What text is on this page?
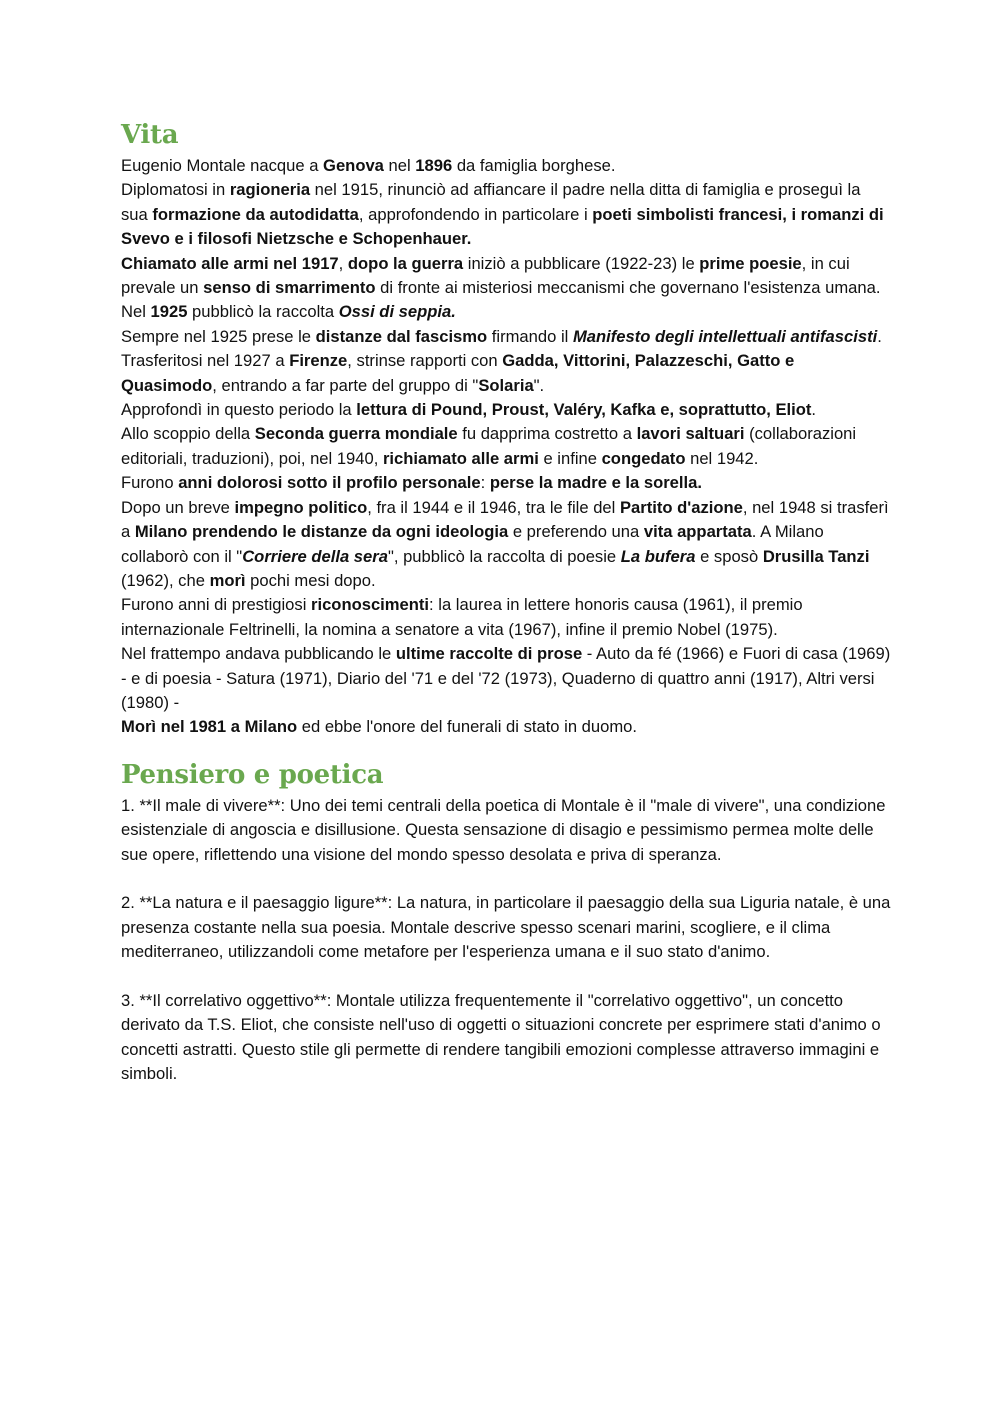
Vita

Eugenio Montale nacque a Genova nel 1896 da famiglia borghese.

Diplomatosi in ragioneria nel 1915, rinunciò ad affiancare il padre nella ditta di famiglia e proseguì la sua formazione da autodidatta, approfondendo in particolare i poeti simbolisti francesi, i romanzi di Svevo e i filosofi Nietzsche e Schopenhauer.

Chiamato alle armi nel 1917, dopo la guerra iniziò a pubblicare (1922-23) le prime poesie, in cui prevale un senso di smarrimento di fronte ai misteriosi meccanismi che governano l'esistenza umana. Nel 1925 pubblicò la raccolta Ossi di seppia.

Sempre nel 1925 prese le distanze dal fascismo firmando il Manifesto degli intellettuali antifascisti. Trasferitosi nel 1927 a Firenze, strinse rapporti con Gadda, Vittorini, Palazzeschi, Gatto e Quasimodo, entrando a far parte del gruppo di "Solaria".

Approfondì in questo periodo la lettura di Pound, Proust, Valéry, Kafka e, soprattutto, Eliot.

Allo scoppio della Seconda guerra mondiale fu dapprima costretto a lavori saltuari (collaborazioni editoriali, traduzioni), poi, nel 1940, richiamato alle armi e infine congedato nel 1942.

Furono anni dolorosi sotto il profilo personale: perse la madre e la sorella.

Dopo un breve impegno politico, fra il 1944 e il 1946, tra le file del Partito d'azione, nel 1948 si trasferì a Milano prendendo le distanze da ogni ideologia e preferendo una vita appartata. A Milano collaborò con il "Corriere della sera", pubblicò la raccolta di poesie La bufera e sposò Drusilla Tanzi (1962), che morì pochi mesi dopo.

Furono anni di prestigiosi riconoscimenti: la laurea in lettere honoris causa (1961), il premio internazionale Feltrinelli, la nomina a senatore a vita (1967), infine il premio Nobel (1975).

Nel frattempo andava pubblicando le ultime raccolte di prose - Auto da fé (1966) e Fuori di casa (1969) - e di poesia - Satura (1971), Diario del '71 e del '72 (1973), Quaderno di quattro anni (1917), Altri versi (1980) -

Morì nel 1981 a Milano ed ebbe l'onore del funerali di stato in duomo.

Pensiero e poetica

1. **Il male di vivere**: Uno dei temi centrali della poetica di Montale è il "male di vivere", una condizione esistenziale di angoscia e disillusione. Questa sensazione di disagio e pessimismo permea molte delle sue opere, riflettendo una visione del mondo spesso desolata e priva di speranza.

2. **La natura e il paesaggio ligure**: La natura, in particolare il paesaggio della sua Liguria natale, è una presenza costante nella sua poesia. Montale descrive spesso scenari marini, scogliere, e il clima mediterraneo, utilizzandoli come metafore per l'esperienza umana e il suo stato d'animo.

3. **Il correlativo oggettivo**: Montale utilizza frequentemente il "correlativo oggettivo", un concetto derivato da T.S. Eliot, che consiste nell'uso di oggetti o situazioni concrete per esprimere stati d'animo o concetti astratti. Questo stile gli permette di rendere tangibili emozioni complesse attraverso immagini e simboli.
